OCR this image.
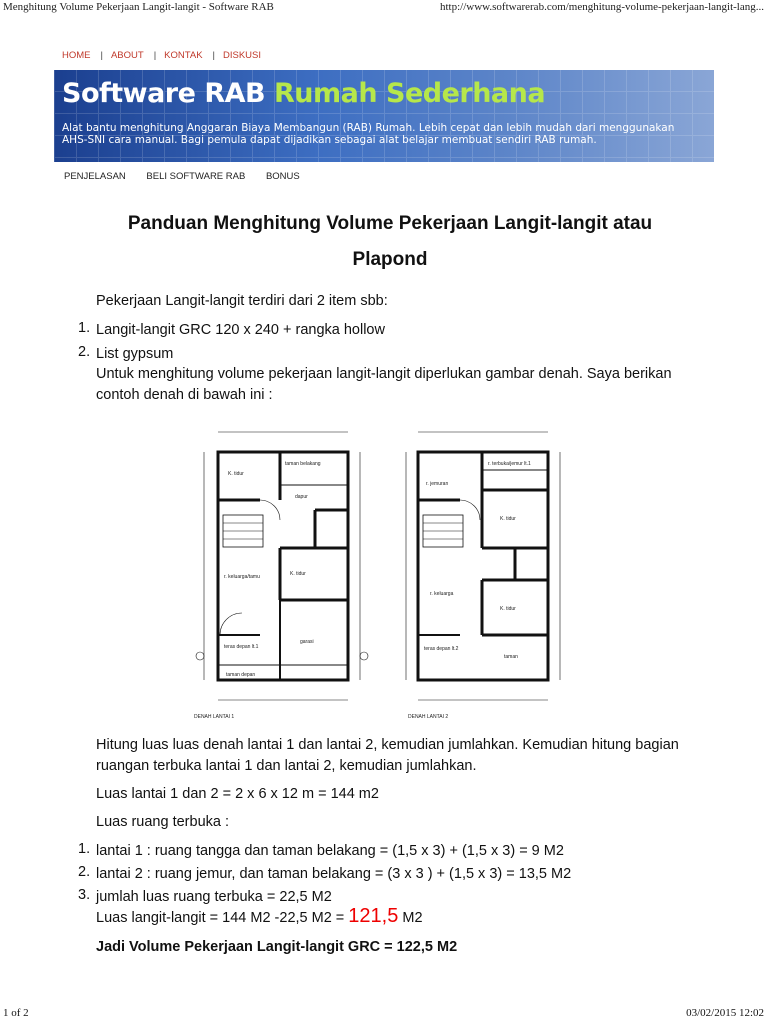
Menghitung Volume Pekerjaan Langit-langit - Software RAB	http://www.softwarerab.com/menghitung-volume-pekerjaan-langit-lang...
HOME | ABOUT | KONTAK | DISKUSI
Software RAB Rumah Sederhana
Alat bantu menghitung Anggaran Biaya Membangun (RAB) Rumah. Lebih cepat dan lebih mudah dari menggunakan AHS-SNI cara manual. Bagi pemula dapat dijadikan sebagai alat belajar membuat sendiri RAB rumah.
PENJELASAN BELI SOFTWARE RAB BONUS
Panduan Menghitung Volume Pekerjaan Langit-langit atau Plapond
Pekerjaan Langit-langit terdiri dari 2 item sbb:
1. Langit-langit GRC 120 x 240 + rangka hollow
2. List gypsum
Untuk menghitung volume pekerjaan langit-langit diperlukan gambar denah. Saya berikan contoh denah di bawah ini :
taman belakang
K. tidur
dapur
r. keluarga/tamu	K. tidur
teras depan lt.1
garasi
taman depan
DENAH LANTAI 1
r. terbuka/jemur lt.1
r. jemuran
K. tidur
r. keluarga
K. tidur
teras depan lt.2
taman
DENAH LANTAI 2
Hitung luas luas denah lantai 1 dan lantai 2, kemudian jumlahkan. Kemudian hitung bagian ruangan terbuka lantai 1 dan lantai 2, kemudian jumlahkan.
Luas lantai 1 dan 2 = 2 x 6 x 12 m = 144 m2
Luas ruang terbuka :
1. lantai 1 : ruang tangga dan taman belakang = (1,5 x 3) + (1,5 x 3) = 9 M2
2. lantai 2 : ruang jemur, dan taman belakang = (3 x 3 ) + (1,5 x 3) = 13,5 M2
3. jumlah luas ruang terbuka = 22,5 M2
Luas langit-langit = 144 M2 -22,5 M2 = 121,5 M2
Jadi Volume Pekerjaan Langit-langit GRC = 122,5 M2
1 of 2	03/02/2015 12:02
